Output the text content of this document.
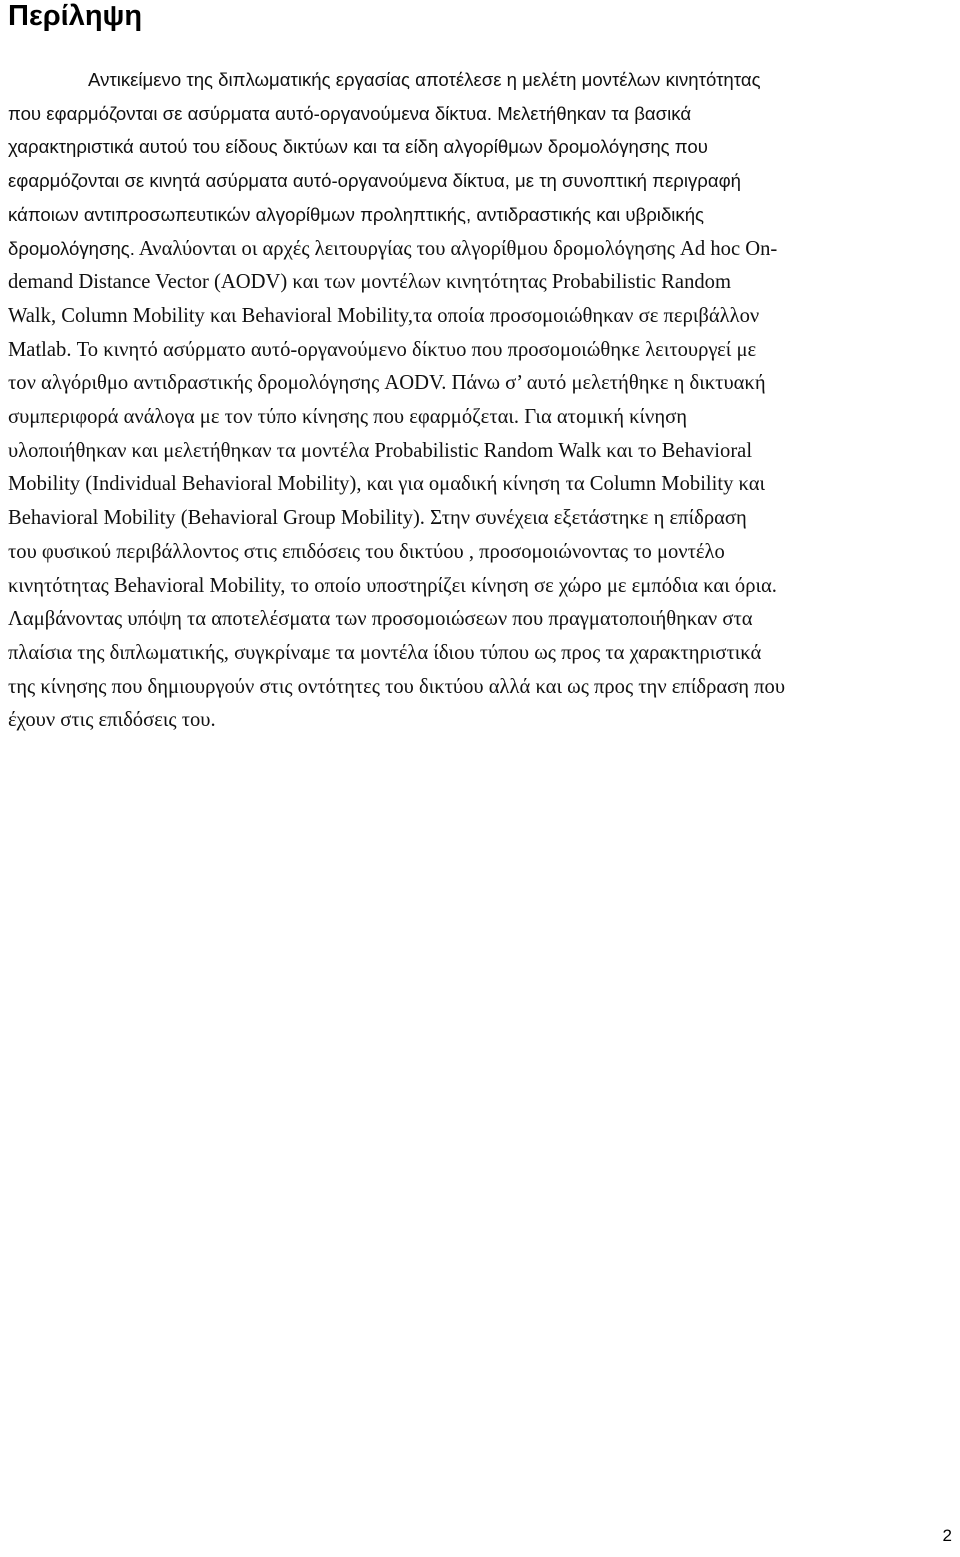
Περίληψη
Αντικείμενο της διπλωματικής εργασίας αποτέλεσε η μελέτη μοντέλων κινητότητας
που εφαρμόζονται σε ασύρματα αυτό-οργανούμενα δίκτυα. Μελετήθηκαν τα βασικά
χαρακτηριστικά αυτού του είδους δικτύων και τα είδη αλγορίθμων δρομολόγησης που
εφαρμόζονται σε κινητά ασύρματα αυτό-οργανούμενα δίκτυα, με τη συνοπτική περιγραφή
κάποιων αντιπροσωπευτικών αλγορίθμων προληπτικής, αντιδραστικής και υβριδικής
δρομολόγησης. Αναλύονται οι αρχές λειτουργίας του αλγορίθμου δρομολόγησης Ad hoc On-
demand Distance Vector (AODV) και των μοντέλων κινητότητας Probabilistic Random
Walk, Column Mobility και Behavioral Mobility,τα οποία προσομοιώθηκαν σε περιβάλλον
Matlab. Το κινητό ασύρματο αυτό-οργανούμενο δίκτυο που προσομοιώθηκε λειτουργεί με
τον αλγόριθμο αντιδραστικής δρομολόγησης AODV. Πάνω σ’ αυτό μελετήθηκε η δικτυακή
συμπεριφορά ανάλογα με τον τύπο κίνησης που εφαρμόζεται. Για ατομική κίνηση
υλοποιήθηκαν και μελετήθηκαν τα μοντέλα Probabilistic Random Walk και το Behavioral
Mobility (Individual Behavioral Mobility), και για ομαδική κίνηση τα Column Mobility και
Behavioral Mobility (Behavioral Group Mobility). Στην συνέχεια εξετάστηκε η επίδραση
του φυσικού περιβάλλοντος στις επιδόσεις του δικτύου , προσομοιώνοντας το μοντέλο
κινητότητας Behavioral Mobility, το οποίο υποστηρίζει κίνηση σε χώρο με εμπόδια και όρια.
Λαμβάνοντας υπόψη τα αποτελέσματα των προσομοιώσεων που πραγματοποιήθηκαν στα
πλαίσια της διπλωματικής, συγκρίναμε τα μοντέλα ίδιου τύπου ως προς τα χαρακτηριστικά
της κίνησης που δημιουργούν στις οντότητες του δικτύου αλλά και ως προς την επίδραση που
έχουν στις επιδόσεις του.
2
